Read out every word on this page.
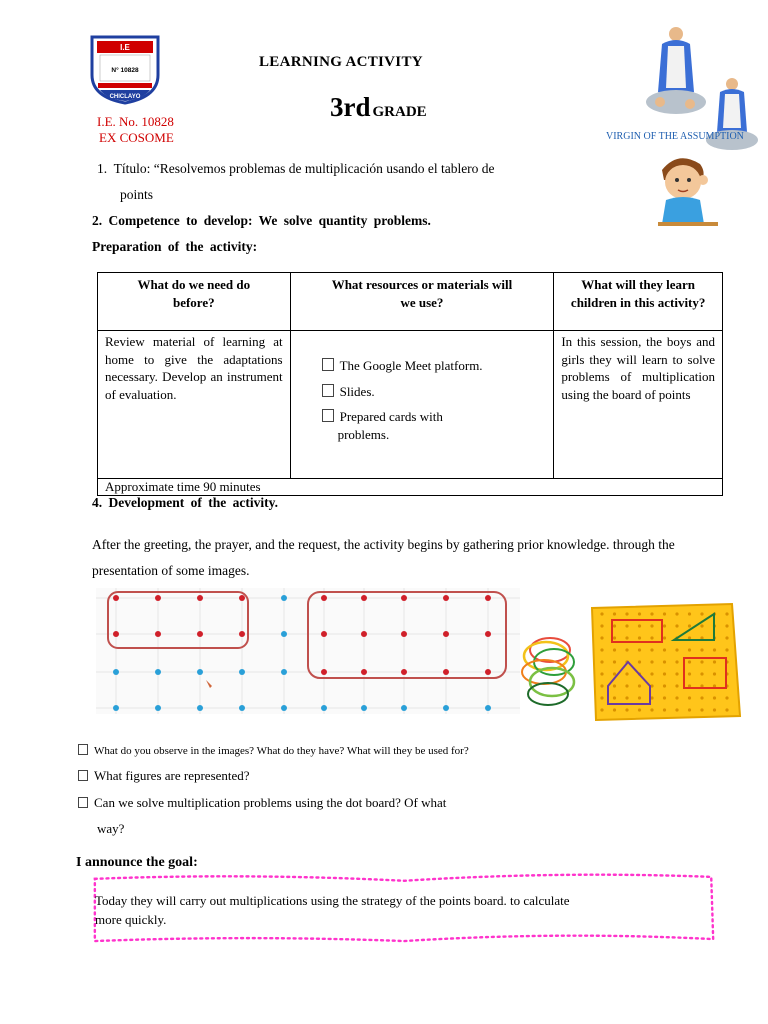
I.E
N° 10828
CHICLAYO
LEARNING ACTIVITY
3rd GRADE
I.E. No. 10828
EX COSOME	VIRGIN OF THE ASSUMPTION
1. Título: “Resolvemos problemas de multiplicación usando el tablero de
points
2. Competence to develop: We solve quantity problems.
Preparation of the activity:
What do we need do before?	What resources or materials will we use?	What will they learn children in this activity?
Review material of learning at home to give the adaptations necessary. Develop an instrument of evaluation.	The Google Meet platform.
Slides.
Prepared cards with problems.	In this session, the boys and girls they will learn to solve problems of multiplication using the board of points
Approximate time 90 minutes		
4. Development of the activity.
After the greeting, the prayer, and the request, the activity begins by gathering prior knowledge. through the presentation of some images.
What do you observe in the images? What do they have? What will they be used for?
What figures are represented?
Can we solve multiplication problems using the dot board? Of what
way?
I announce the goal:
Today they will carry out multiplications using the strategy of the points board. to calculate more quickly.
